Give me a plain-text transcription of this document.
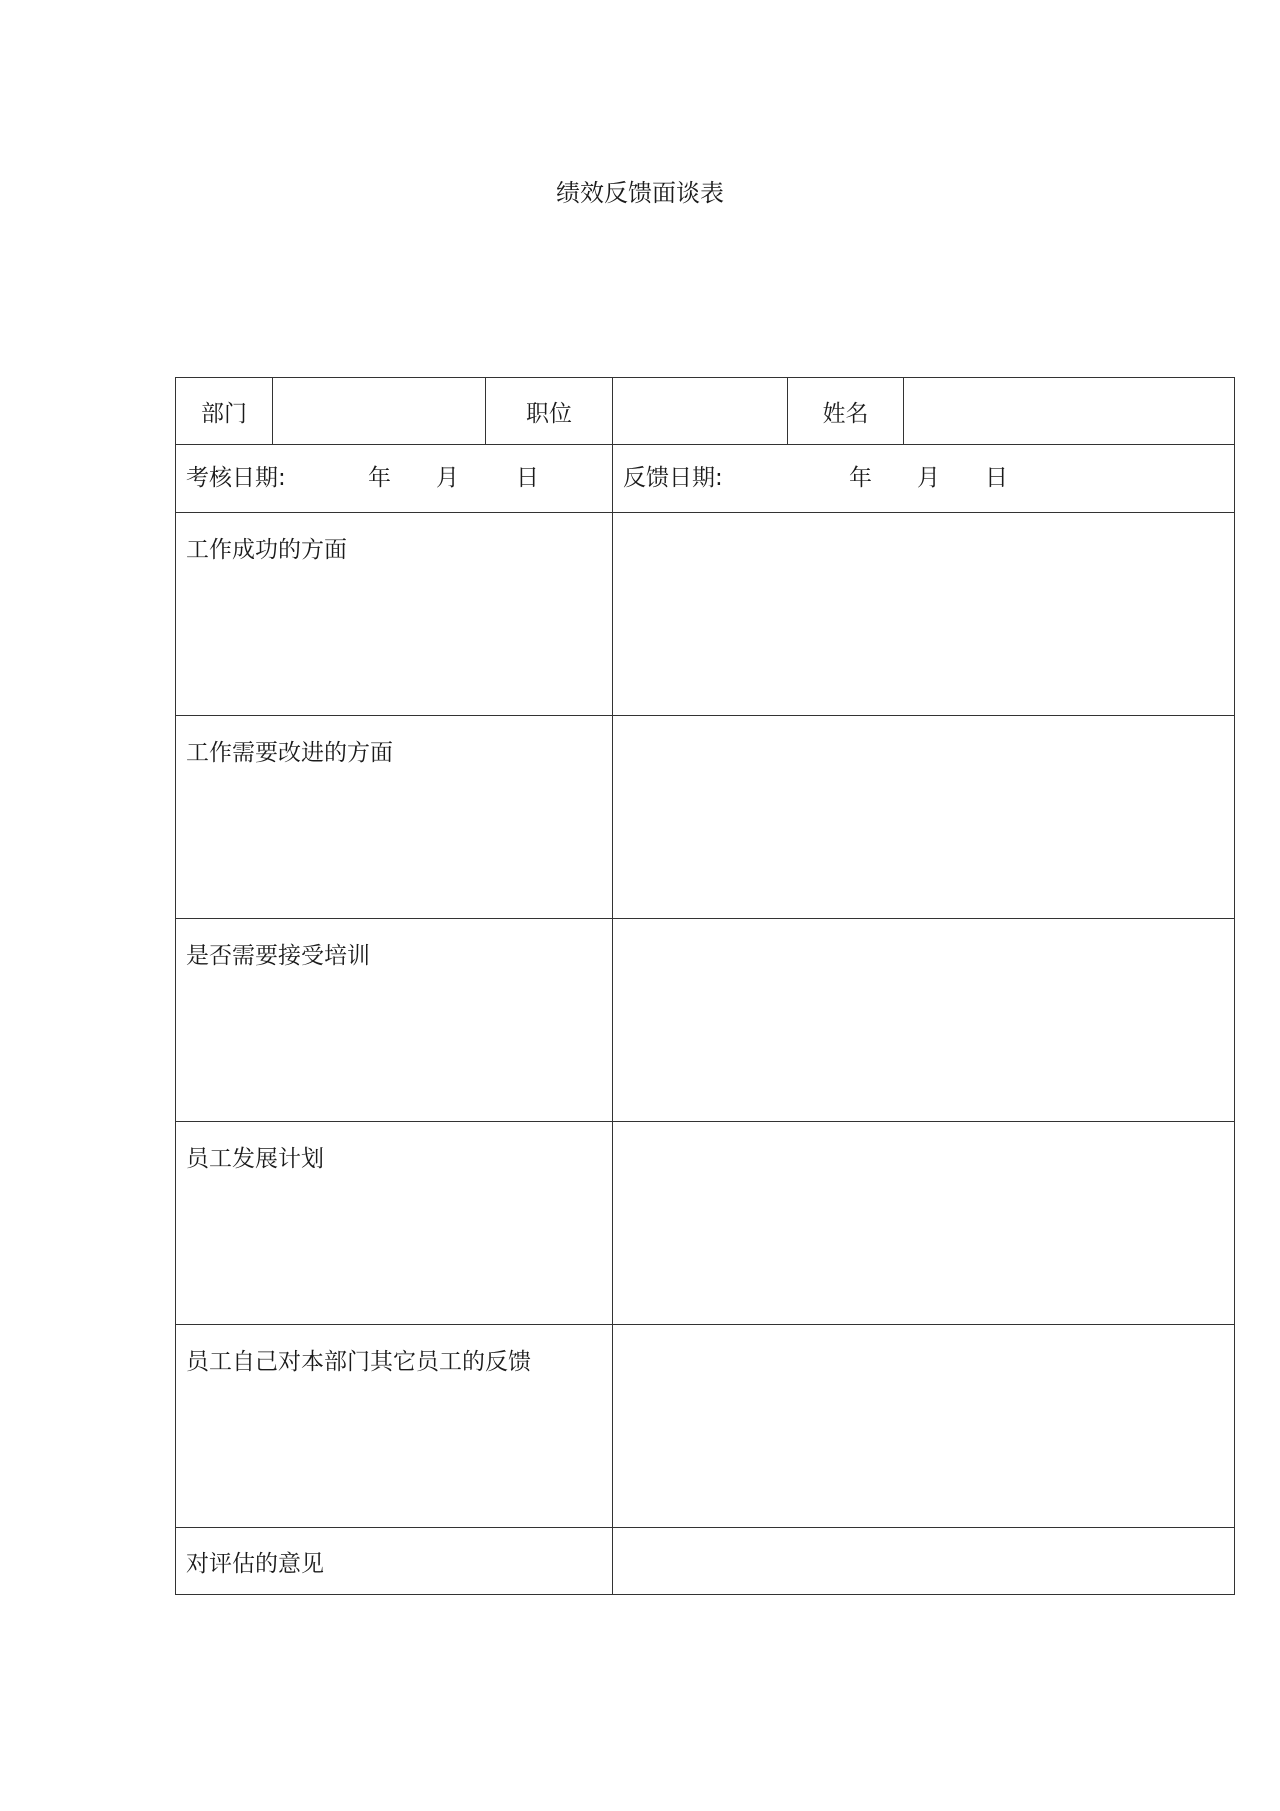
绩效反馈面谈表
部门		职位		姓名	

考核日期: 年 月 日			反馈日期: 年 月 日		

工作成功的方面					

工作需要改进的方面					

是否需要接受培训					

员工发展计划					

员工自己对本部门其它员工的反馈					

对评估的意见					
